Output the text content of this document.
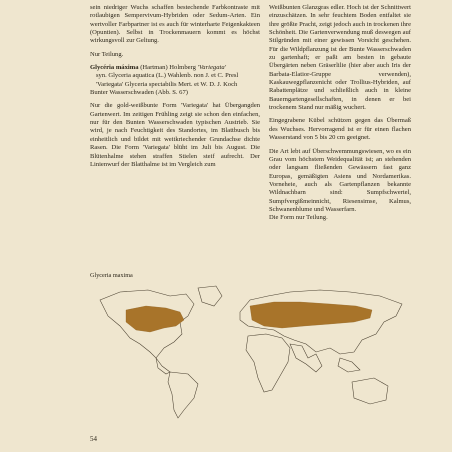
sein niedriger Wuchs schaffen bestechende Farbkontraste mit rotlaubigen Sempervivum-Hybriden oder Sedum-Arten. Ein wertvoller Farbpartner ist es auch für winterharte Feigenkakteen (Opuntien). Selbst in Trockenmauern kommt es höchst wirkungsvoll zur Geltung.

Nur Teilung.

Glycéria máxima (Hartman) Holmberg 'Variegata'

syn. Glyceria aquatica (L.) Wahlenb. non J. et C. Presl 'Variegata' Glyceria spectabilis Mert. et W. D. J. Koch

Bunter Wasserschwaden (Abb. S. 67)

Nur die gold-weißbunte Form 'Variegata' hat Übergangden Gartenwert. Im zeitigen Frühling zeigt sie schon den einfachen, nur für den Bunten Wasserschwaden typischen Austrieb. Sie wird, je nach Feuchtigkeit des Standortes, im Blattbusch bis einheitlich und bildet mit weitkriechender Grundachse dichte Rasen. Die Form 'Variegata' blüht im Juli bis August. Die Blütenhalme stehen straffen Stielen steif aufrecht. Der Linienwurf der Blatthalme ist im Vergleich zum

Weißbunten Glanzgras edler. Hoch ist der Schnittwert einzuschätzen. In sehr feuchtem Boden entfaltet sie ihre größte Pracht, zeigt jedoch auch in trockenen ihre Schönheit. Die Gartenverwendung muß deswegen auf Stilgründen mit einer gewissen Vorsicht geschehen. Für die Wildpflanzung ist der Bunte Wasserschwaden zu gartenhaft; er paßt am besten in gebaute Übergärten neben Gräserlilie (hier aber auch Iris der Barbata-Elatior-Gruppe verwenden), Kaskauwegpflanzenicht oder Trollius-Hybriden, auf Rabattenplätze und schließlich auch in kleine Bauerngartengesellschaften, in denen er bei trockenem Stand nur mäßig wuchert.

Eingegrabene Kübel schützen gegen das Übermaß des Wuchses. Hervorragend ist er für einen flachen Wasserstand von 5 bis 20 cm geeignet.

Die Art lebt auf Überschwemmungswiesen, wo es ein Grau vom höchstem Weidequalität ist; an stehenden oder langsam fließenden Gewässern fast ganz Europas, gemäßigten Asiens und Nordamerikas. Vorneheie, auch als Gartenpflanzen bekannte Wildnachbarn sind: Sumpfschwertel, Sumpfvergißmeinnicht, Riesensimse, Kalmus, Schwanenblume und Wasserfarn.

Die Form nur Teilung.

Glyceria maxima
54
